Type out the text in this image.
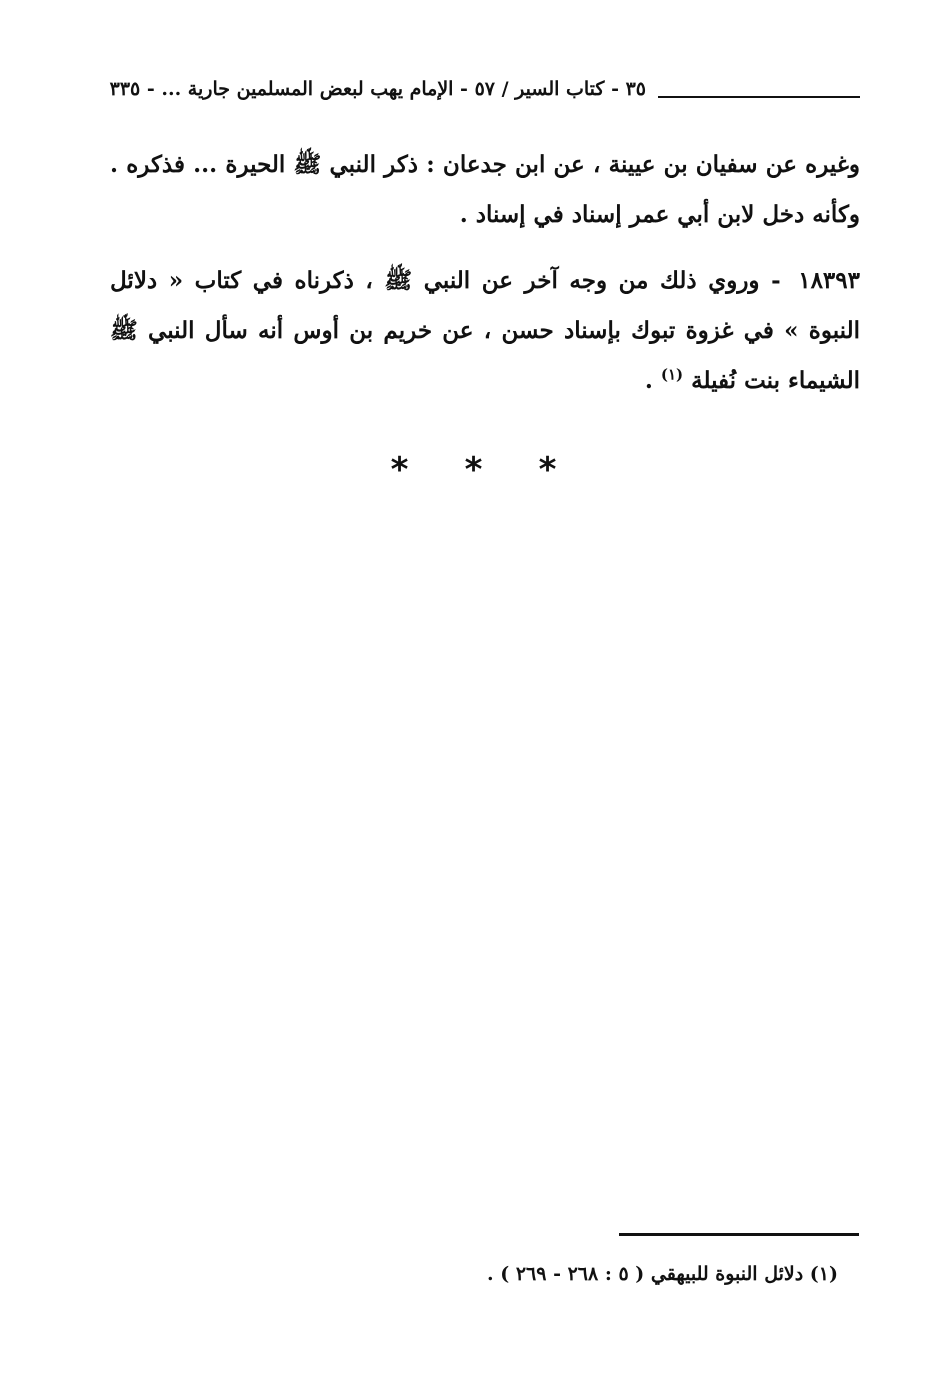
٣٥ - كتاب السير / ٥٧ - الإمام يهب لبعض المسلمين جارية ... - ٣٣٥

وغيره عن سفيان بن عيينة ، عن ابن جدعان : ذكر النبي ﷺ الحيرة ... فذكره . وكأنه دخل لابن أبي عمر إسناد في إسناد .

١٨٣٩٣ - وروي ذلك من وجه آخر عن النبي ﷺ ، ذكرناه في كتاب « دلائل النبوة » في غزوة تبوك بإسناد حسن ، عن خريم بن أوس أنه سأل النبي ﷺ الشيماء بنت نُفيلة $^{(١)}$ .

* * *
(١) دلائل النبوة للبيهقي ( ٥ : ٢٦٨ - ٢٦٩ ) .
